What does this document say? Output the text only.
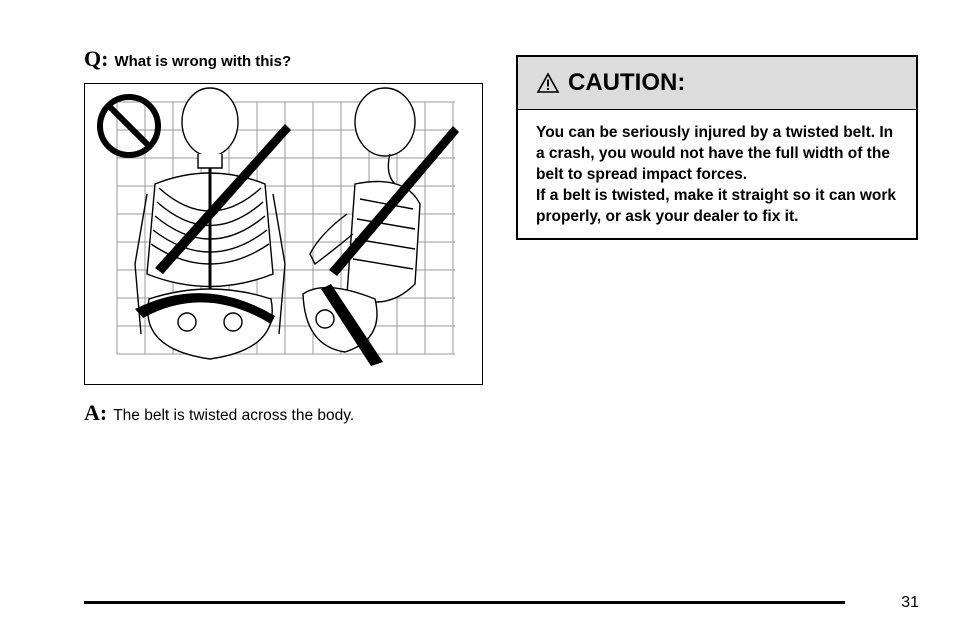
Q: What is wrong with this?
A: The belt is twisted across the body.
CAUTION:

You can be seriously injured by a twisted belt. In a crash, you would not have the full width of the belt to spread impact forces.

If a belt is twisted, make it straight so it can work properly, or ask your dealer to fix it.

31
